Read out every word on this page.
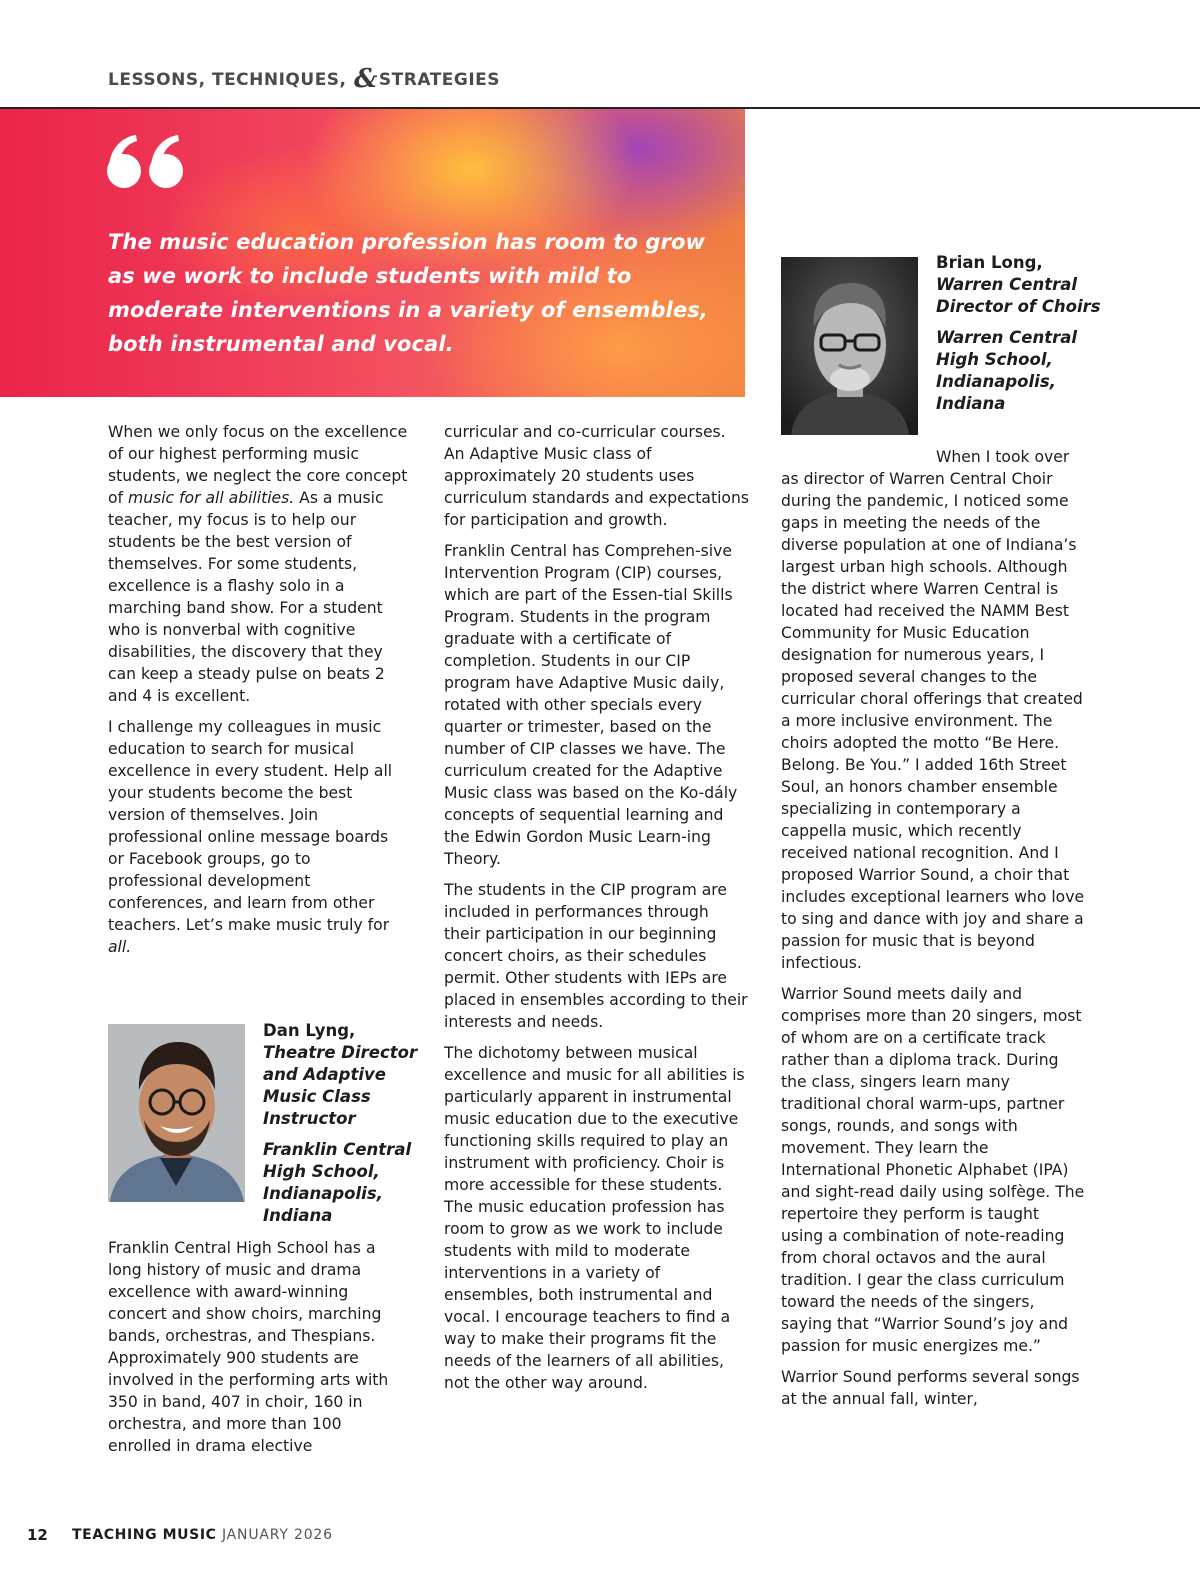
LESSONS, TECHNIQUES, &STRATEGIES
The music education profession has room to grow as we work to include students with mild to moderate interventions in a variety of ensembles, both instrumental and vocal.
Brian Long,
Warren Central Director of Choirs
Warren Central High School, Indianapolis, Indiana

When we only focus on the excellence of our highest performing music students, we neglect the core concept of music for all abilities. As a music teacher, my focus is to help our students be the best version of themselves. For some students, excellence is a flashy solo in a marching band show. For a student who is nonverbal with cognitive disabilities, the discovery that they can keep a steady pulse on beats 2 and 4 is excellent.

I challenge my colleagues in music education to search for musical excellence in every student. Help all your students become the best version of themselves. Join professional online message boards or Facebook groups, go to professional development conferences, and learn from other teachers. Let’s make music truly for all.

Dan Lyng,
Theatre Director and Adaptive Music Class Instructor
Franklin Central High School, Indianapolis, Indiana

Franklin Central High School has a long history of music and drama excellence with award-winning concert and show choirs, marching bands, orchestras, and Thespians. Approximately 900 students are involved in the performing arts with 350 in band, 407 in choir, 160 in orchestra, and more than 100 enrolled in drama elective

curricular and co-curricular courses. An Adaptive Music class of approximately 20 students uses curriculum standards and expectations for participation and growth.

Franklin Central has Comprehen-sive Intervention Program (CIP) courses, which are part of the Essen-tial Skills Program. Students in the program graduate with a certificate of completion. Students in our CIP program have Adaptive Music daily, rotated with other specials every quarter or trimester, based on the number of CIP classes we have. The curriculum created for the Adaptive Music class was based on the Ko-dály concepts of sequential learning and the Edwin Gordon Music Learn-ing Theory.

The students in the CIP program are included in performances through their participation in our beginning concert choirs, as their schedules permit. Other students with IEPs are placed in ensembles according to their interests and needs.

The dichotomy between musical excellence and music for all abilities is particularly apparent in instrumental music education due to the executive functioning skills required to play an instrument with proficiency. Choir is more accessible for these students. The music education profession has room to grow as we work to include students with mild to moderate interventions in a variety of ensembles, both instrumental and vocal. I encourage teachers to find a way to make their programs fit the needs of the learners of all abilities, not the other way around.

When I took over as director of Warren Central Choir during the pandemic, I noticed some gaps in meeting the needs of the diverse population at one of Indiana’s largest urban high schools. Although the district where Warren Central is located had received the NAMM Best Community for Music Education designation for numerous years, I proposed several changes to the curricular choral offerings that created a more inclusive environment. The choirs adopted the motto “Be Here. Belong. Be You.” I added 16th Street Soul, an honors chamber ensemble specializing in contemporary a cappella music, which recently received national recognition. And I proposed Warrior Sound, a choir that includes exceptional learners who love to sing and dance with joy and share a passion for music that is beyond infectious.

Warrior Sound meets daily and comprises more than 20 singers, most of whom are on a certificate track rather than a diploma track. During the class, singers learn many traditional choral warm-ups, partner songs, rounds, and songs with movement. They learn the International Phonetic Alphabet (IPA) and sight-read daily using solfège. The repertoire they perform is taught using a combination of note-reading from choral octavos and the aural tradition. I gear the class curriculum toward the needs of the singers, saying that “Warrior Sound’s joy and passion for music energizes me.”

Warrior Sound performs several songs at the annual fall, winter,

12 TEACHING MUSIC JANUARY 2026
